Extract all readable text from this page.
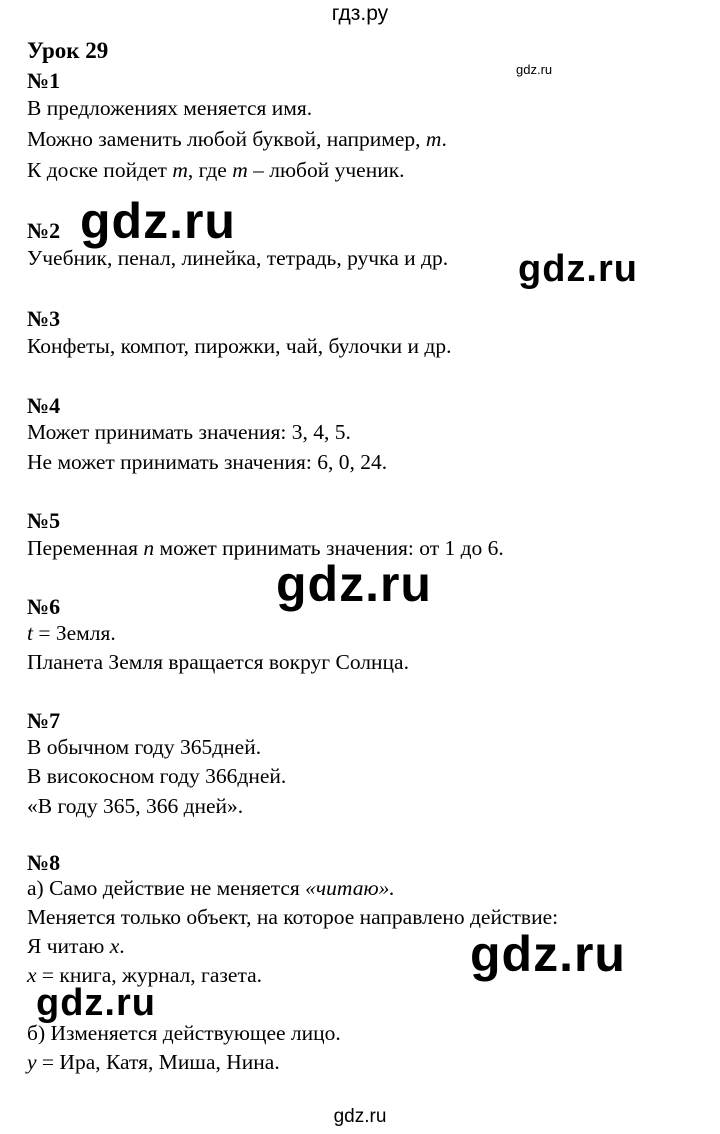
гдз.ру
gdz.ru
Урок 29
№1
В предложениях меняется имя.
Можно заменить любой буквой, например, m.
К доске пойдет m, где m – любой ученик.
№2 gdz.ru
Учебник, пенал, линейка, тетрадь, ручка и др. gdz.ru
№3
Конфеты, компот, пирожки, чай, булочки и др.
№4
Может принимать значения: 3, 4, 5.
Не может принимать значения: 6, 0, 24.
№5
Переменная n может принимать значения: от 1 до 6.
gdz.ru
№6
t = Земля.
Планета Земля вращается вокруг Солнца.
№7
В обычном году 365дней.
В високосном году 366дней.
«В году 365, 366 дней».
№8
а) Само действие не меняется «читаю».
Меняется только объект, на которое направлено действие:
Я читаю x.	gdz.ru
x = книга, журнал, газета.
gdz.ru
б) Изменяется действующее лицо.
y = Ира, Катя, Миша, Нина.
gdz.ru
